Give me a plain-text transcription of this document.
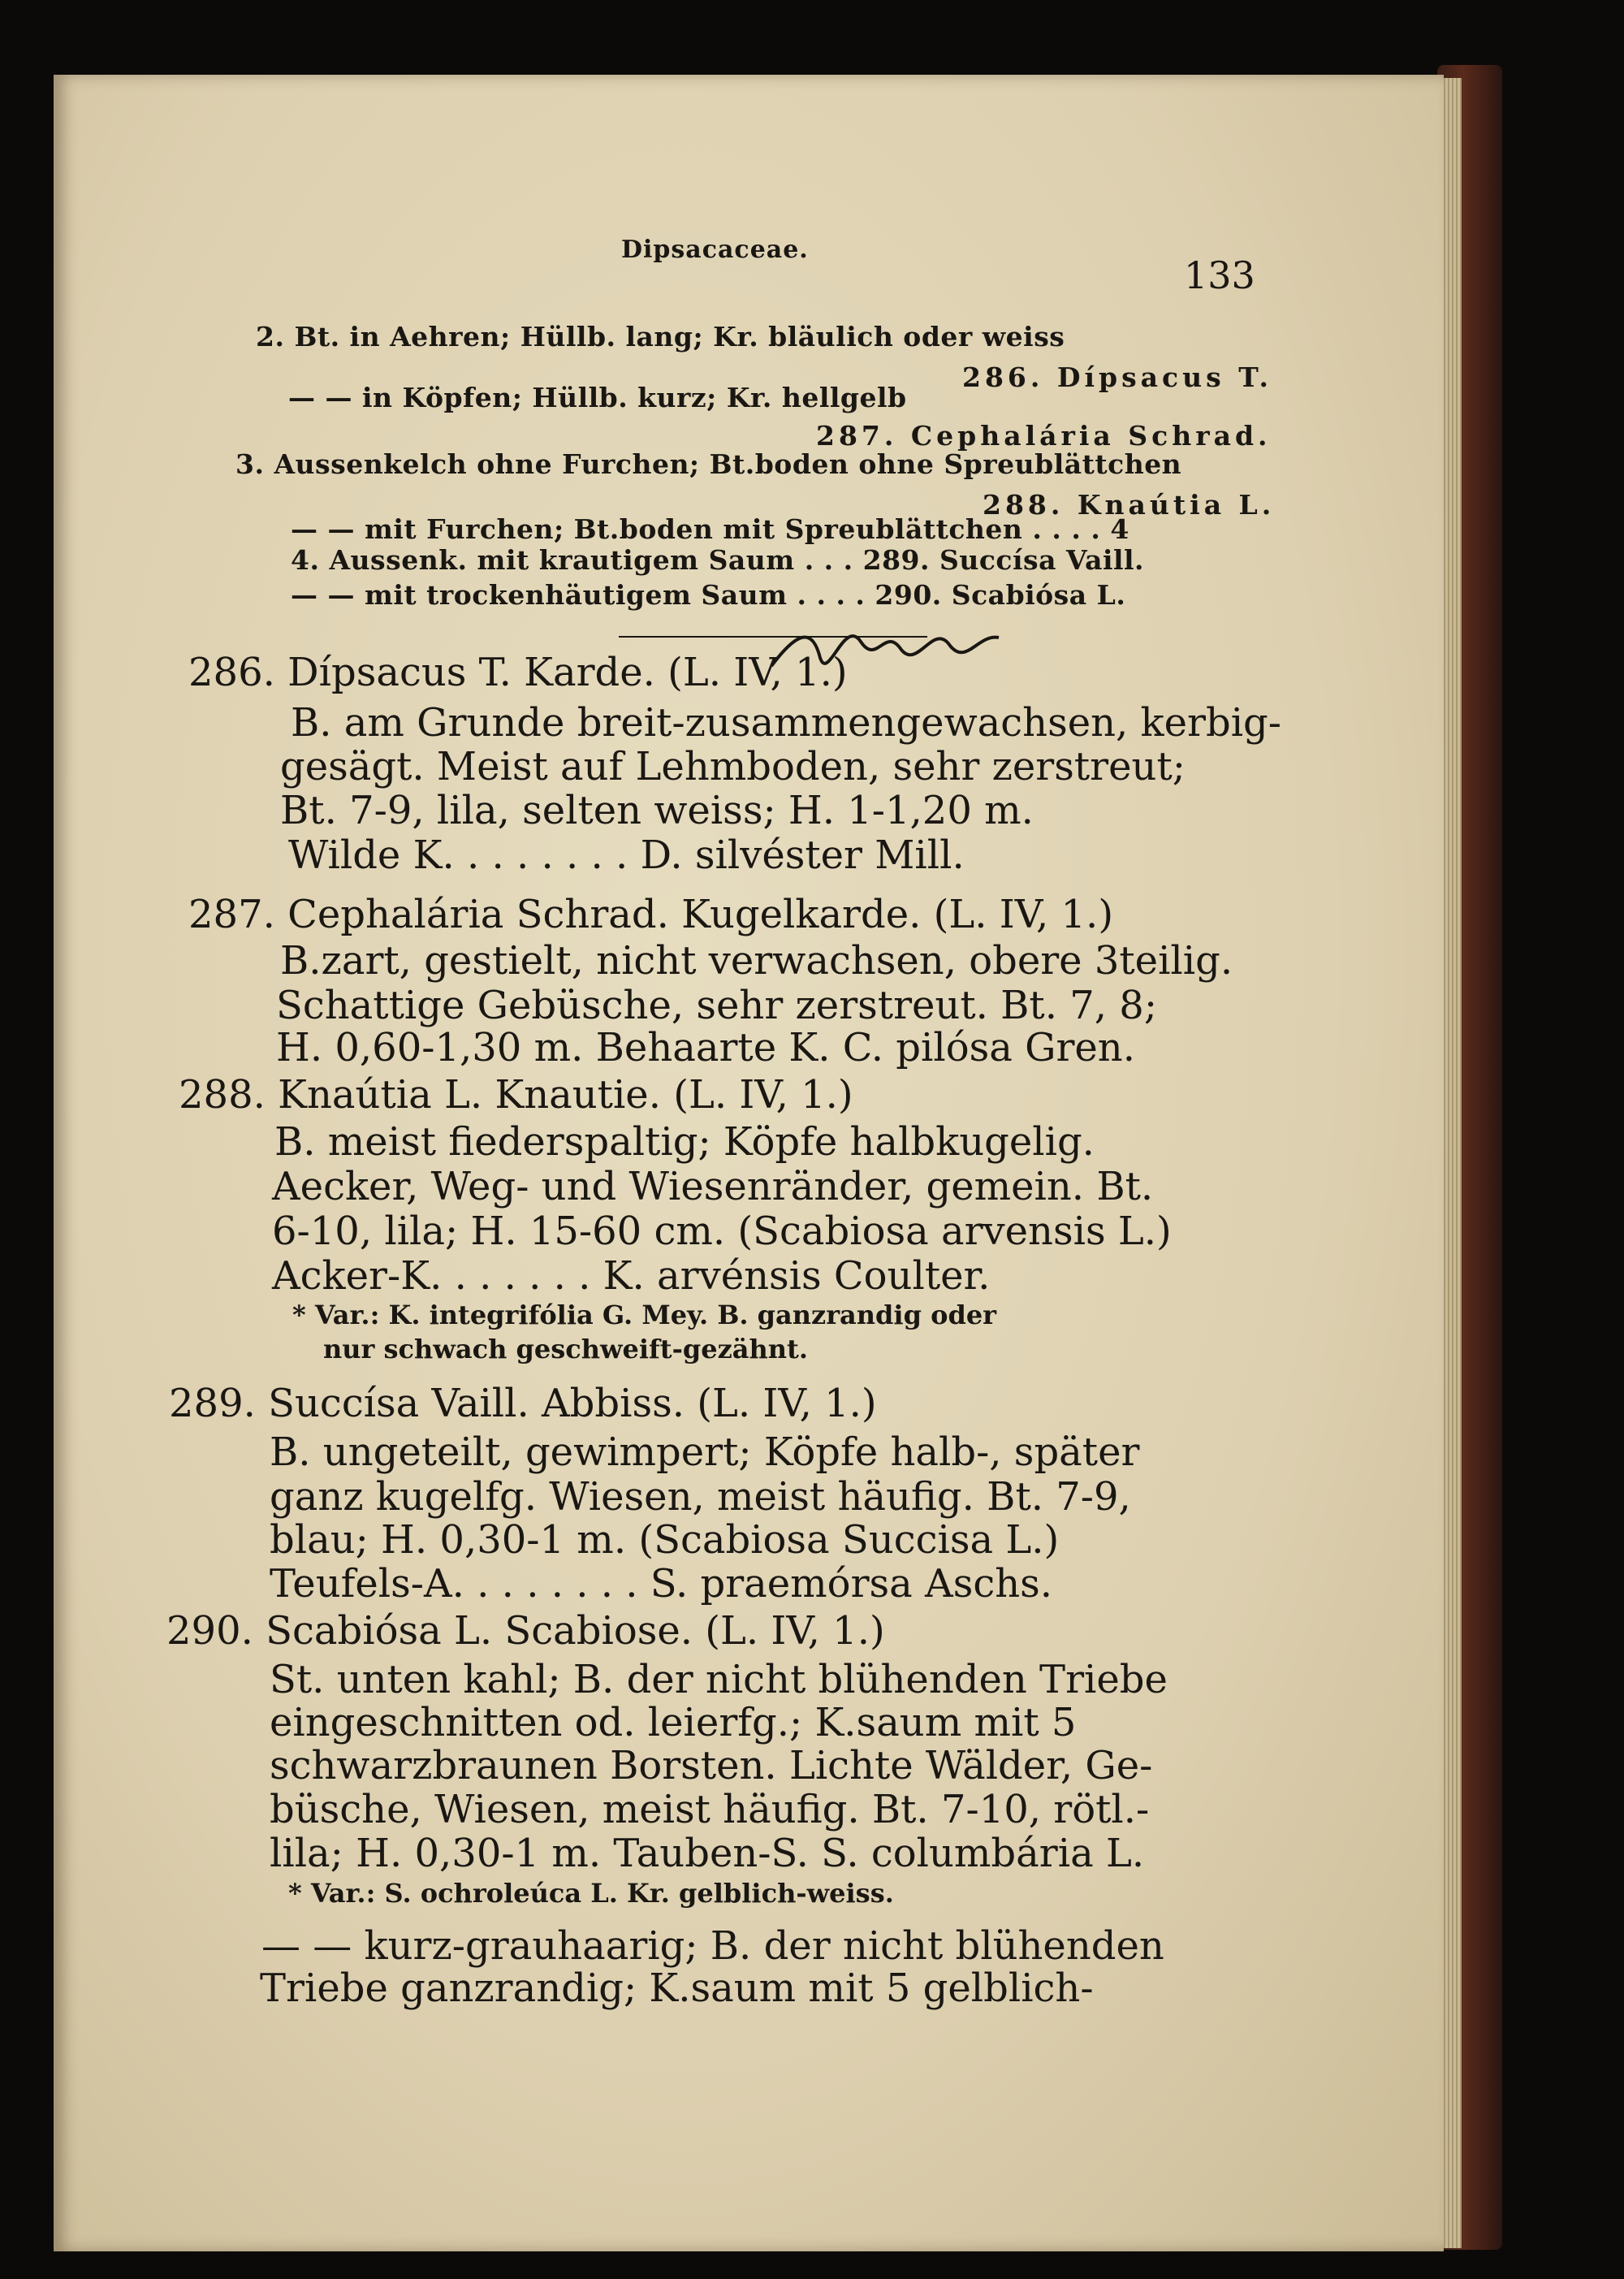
Dipsacaceae.
133
2. Bt. in Aehren; Hüllb. lang; Kr. bläulich oder weiss
286. Dípsacus T.
— — in Köpfen; Hüllb. kurz; Kr. hellgelb
287. Cephalária Schrad.
3. Aussenkelch ohne Furchen; Bt.boden ohne Spreublättchen
288. Knaútia L.
— — mit Furchen; Bt.boden mit Spreublättchen . . . . 4
4. Aussenk. mit krautigem Saum . . . 289. Succísa Vaill.
— — mit trockenhäutigem Saum . . . . 290. Scabiósa L.
286. Dípsacus T. Karde. (L. IV, 1.)
B. am Grunde breit-zusammengewachsen, kerbig-
gesägt. Meist auf Lehmboden, sehr zerstreut;
Bt. 7-9, lila, selten weiss; H. 1-1,20 m.
Wilde K. . . . . . . . D. silvéster Mill.
287. Cephalária Schrad. Kugelkarde. (L. IV, 1.)
B.zart, gestielt, nicht verwachsen, obere 3teilig.
Schattige Gebüsche, sehr zerstreut. Bt. 7, 8;
H. 0,60-1,30 m. Behaarte K. C. pilósa Gren.
288. Knaútia L. Knautie. (L. IV, 1.)
B. meist fiederspaltig; Köpfe halbkugelig.
Aecker, Weg- und Wiesenränder, gemein. Bt.
6-10, lila; H. 15-60 cm. (Scabiosa arvensis L.)
Acker-K. . . . . . . K. arvénsis Coulter.
* Var.: K. integrifólia G. Mey. B. ganzrandig oder
nur schwach geschweift-gezähnt.
289. Succísa Vaill. Abbiss. (L. IV, 1.)
B. ungeteilt, gewimpert; Köpfe halb-, später
ganz kugelfg. Wiesen, meist häufig. Bt. 7-9,
blau; H. 0,30-1 m. (Scabiosa Succisa L.)
Teufels-A. . . . . . . . S. praemórsa Aschs.
290. Scabiósa L. Scabiose. (L. IV, 1.)
St. unten kahl; B. der nicht blühenden Triebe
eingeschnitten od. leierfg.; K.saum mit 5
schwarzbraunen Borsten. Lichte Wälder, Ge-
büsche, Wiesen, meist häufig. Bt. 7-10, rötl.-
lila; H. 0,30-1 m. Tauben-S. S. columbária L.
* Var.: S. ochroleúca L. Kr. gelblich-weiss.
— — kurz-grauhaarig; B. der nicht blühenden
Triebe ganzrandig; K.saum mit 5 gelblich-
